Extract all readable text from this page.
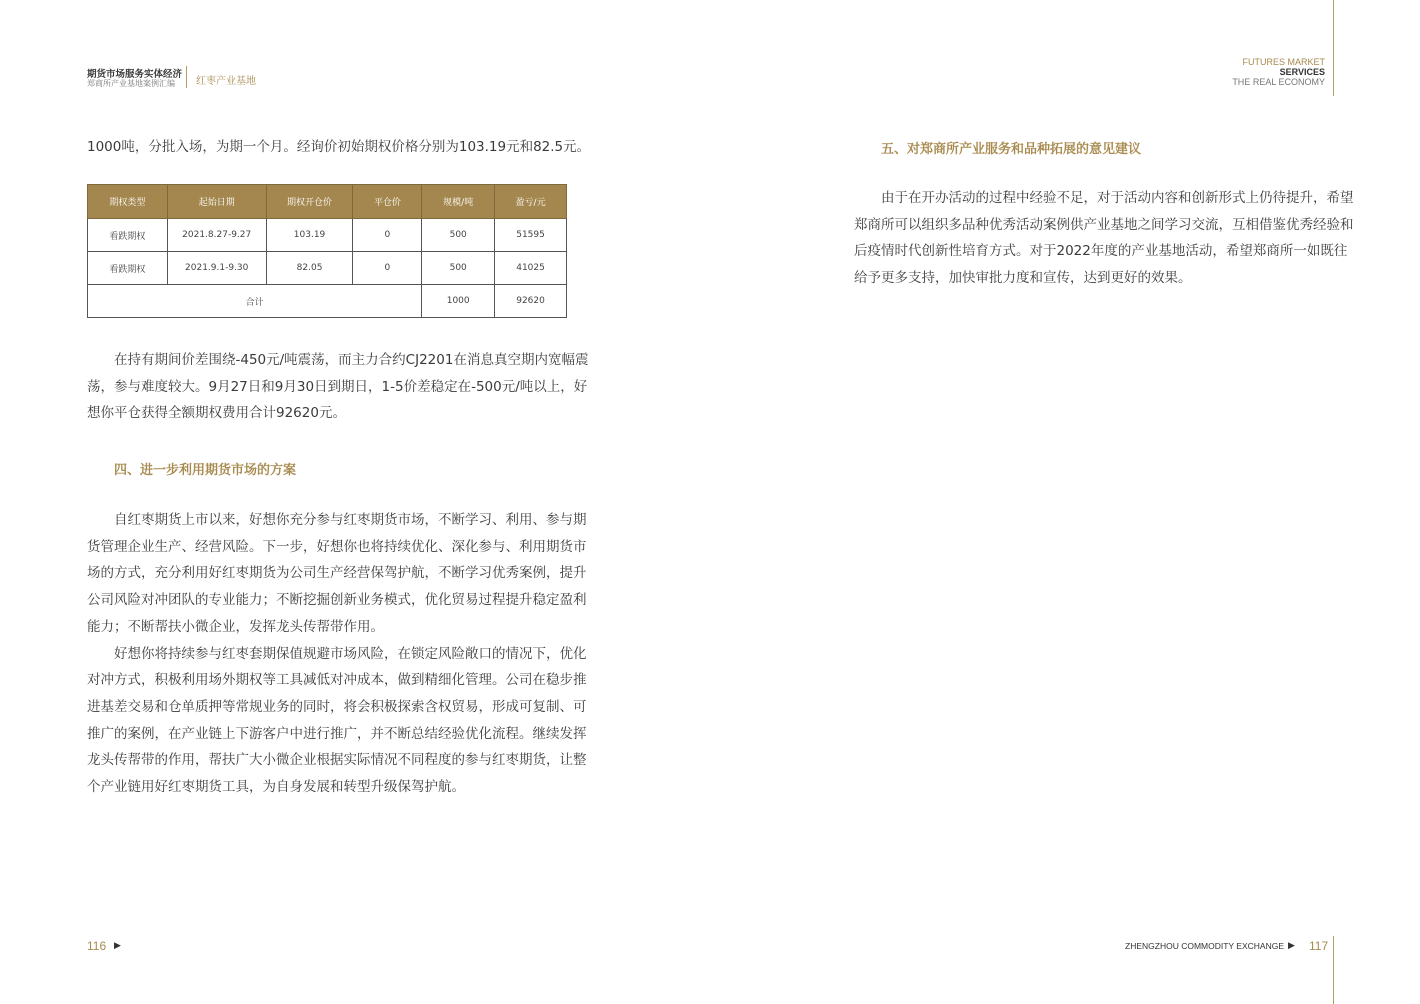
期货市场服务实体经济
郑商所产业基地案例汇编 红枣产业基地
FUTURES MARKET
SERVICES
THE REAL ECONOMY
1000吨，分批入场，为期一个月。经询价初始期权价格分别为103.19元和82.5元。
期权类型	起始日期	期权开仓价	平仓价	规模/吨	盈亏/元
看跌期权	2021.8.27-9.27	103.19	0	500	51595
看跌期权	2021.9.1-9.30	82.05	0	500	41025
合计				1000	92620
在持有期间价差围绕-450元/吨震荡，而主力合约CJ2201在消息真空期内宽幅震
荡，参与难度较大。9月27日和9月30日到期日，1-5价差稳定在-500元/吨以上，好
想你平仓获得全额期权费用合计92620元。
四、进一步利用期货市场的方案
自红枣期货上市以来，好想你充分参与红枣期货市场，不断学习、利用、参与期
货管理企业生产、经营风险。下一步，好想你也将持续优化、深化参与、利用期货市
场的方式，充分利用好红枣期货为公司生产经营保驾护航，不断学习优秀案例，提升
公司风险对冲团队的专业能力；不断挖掘创新业务模式，优化贸易过程提升稳定盈利
能力；不断帮扶小微企业，发挥龙头传帮带作用。
好想你将持续参与红枣套期保值规避市场风险，在锁定风险敞口的情况下，优化
对冲方式，积极利用场外期权等工具减低对冲成本，做到精细化管理。公司在稳步推
进基差交易和仓单质押等常规业务的同时，将会积极探索含权贸易，形成可复制、可
推广的案例，在产业链上下游客户中进行推广，并不断总结经验优化流程。继续发挥
龙头传帮带的作用，帮扶广大小微企业根据实际情况不同程度的参与红枣期货，让整
个产业链用好红枣期货工具，为自身发展和转型升级保驾护航。
五、对郑商所产业服务和品种拓展的意见建议
由于在开办活动的过程中经验不足，对于活动内容和创新形式上仍待提升，希望
郑商所可以组织多品种优秀活动案例供产业基地之间学习交流，互相借鉴优秀经验和
后疫情时代创新性培育方式。对于2022年度的产业基地活动，希望郑商所一如既往
给予更多支持，加快审批力度和宣传，达到更好的效果。
116 ▶	ZHENGZHOU COMMODITY EXCHANGE ▶ 117
